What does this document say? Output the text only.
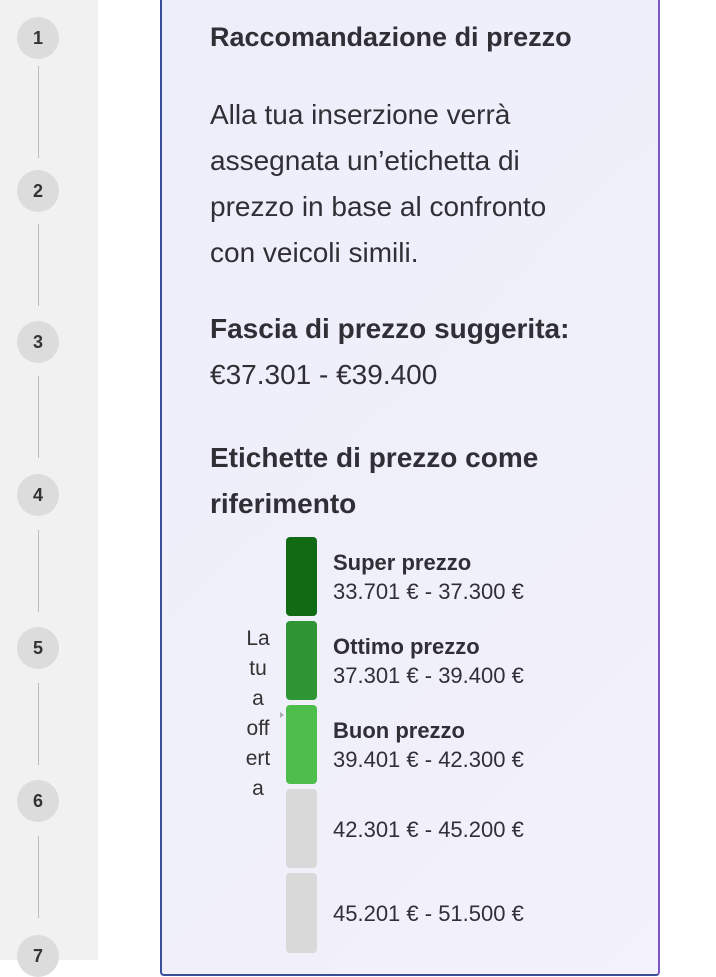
1
2
3
4
5
6
7
Raccomandazione di prezzo
Alla tua inserzione verrà
assegnata un’etichetta di
prezzo in base al confronto
con veicoli simili.
Fascia di prezzo suggerita:
€37.301 - €39.400
Etichette di prezzo come
riferimento
La
tu
a
off
ert
a
Super prezzo
33.701 € - 37.300 €
Ottimo prezzo
37.301 € - 39.400 €
Buon prezzo
39.401 € - 42.300 €
42.301 € - 45.200 €
45.201 € - 51.500 €
